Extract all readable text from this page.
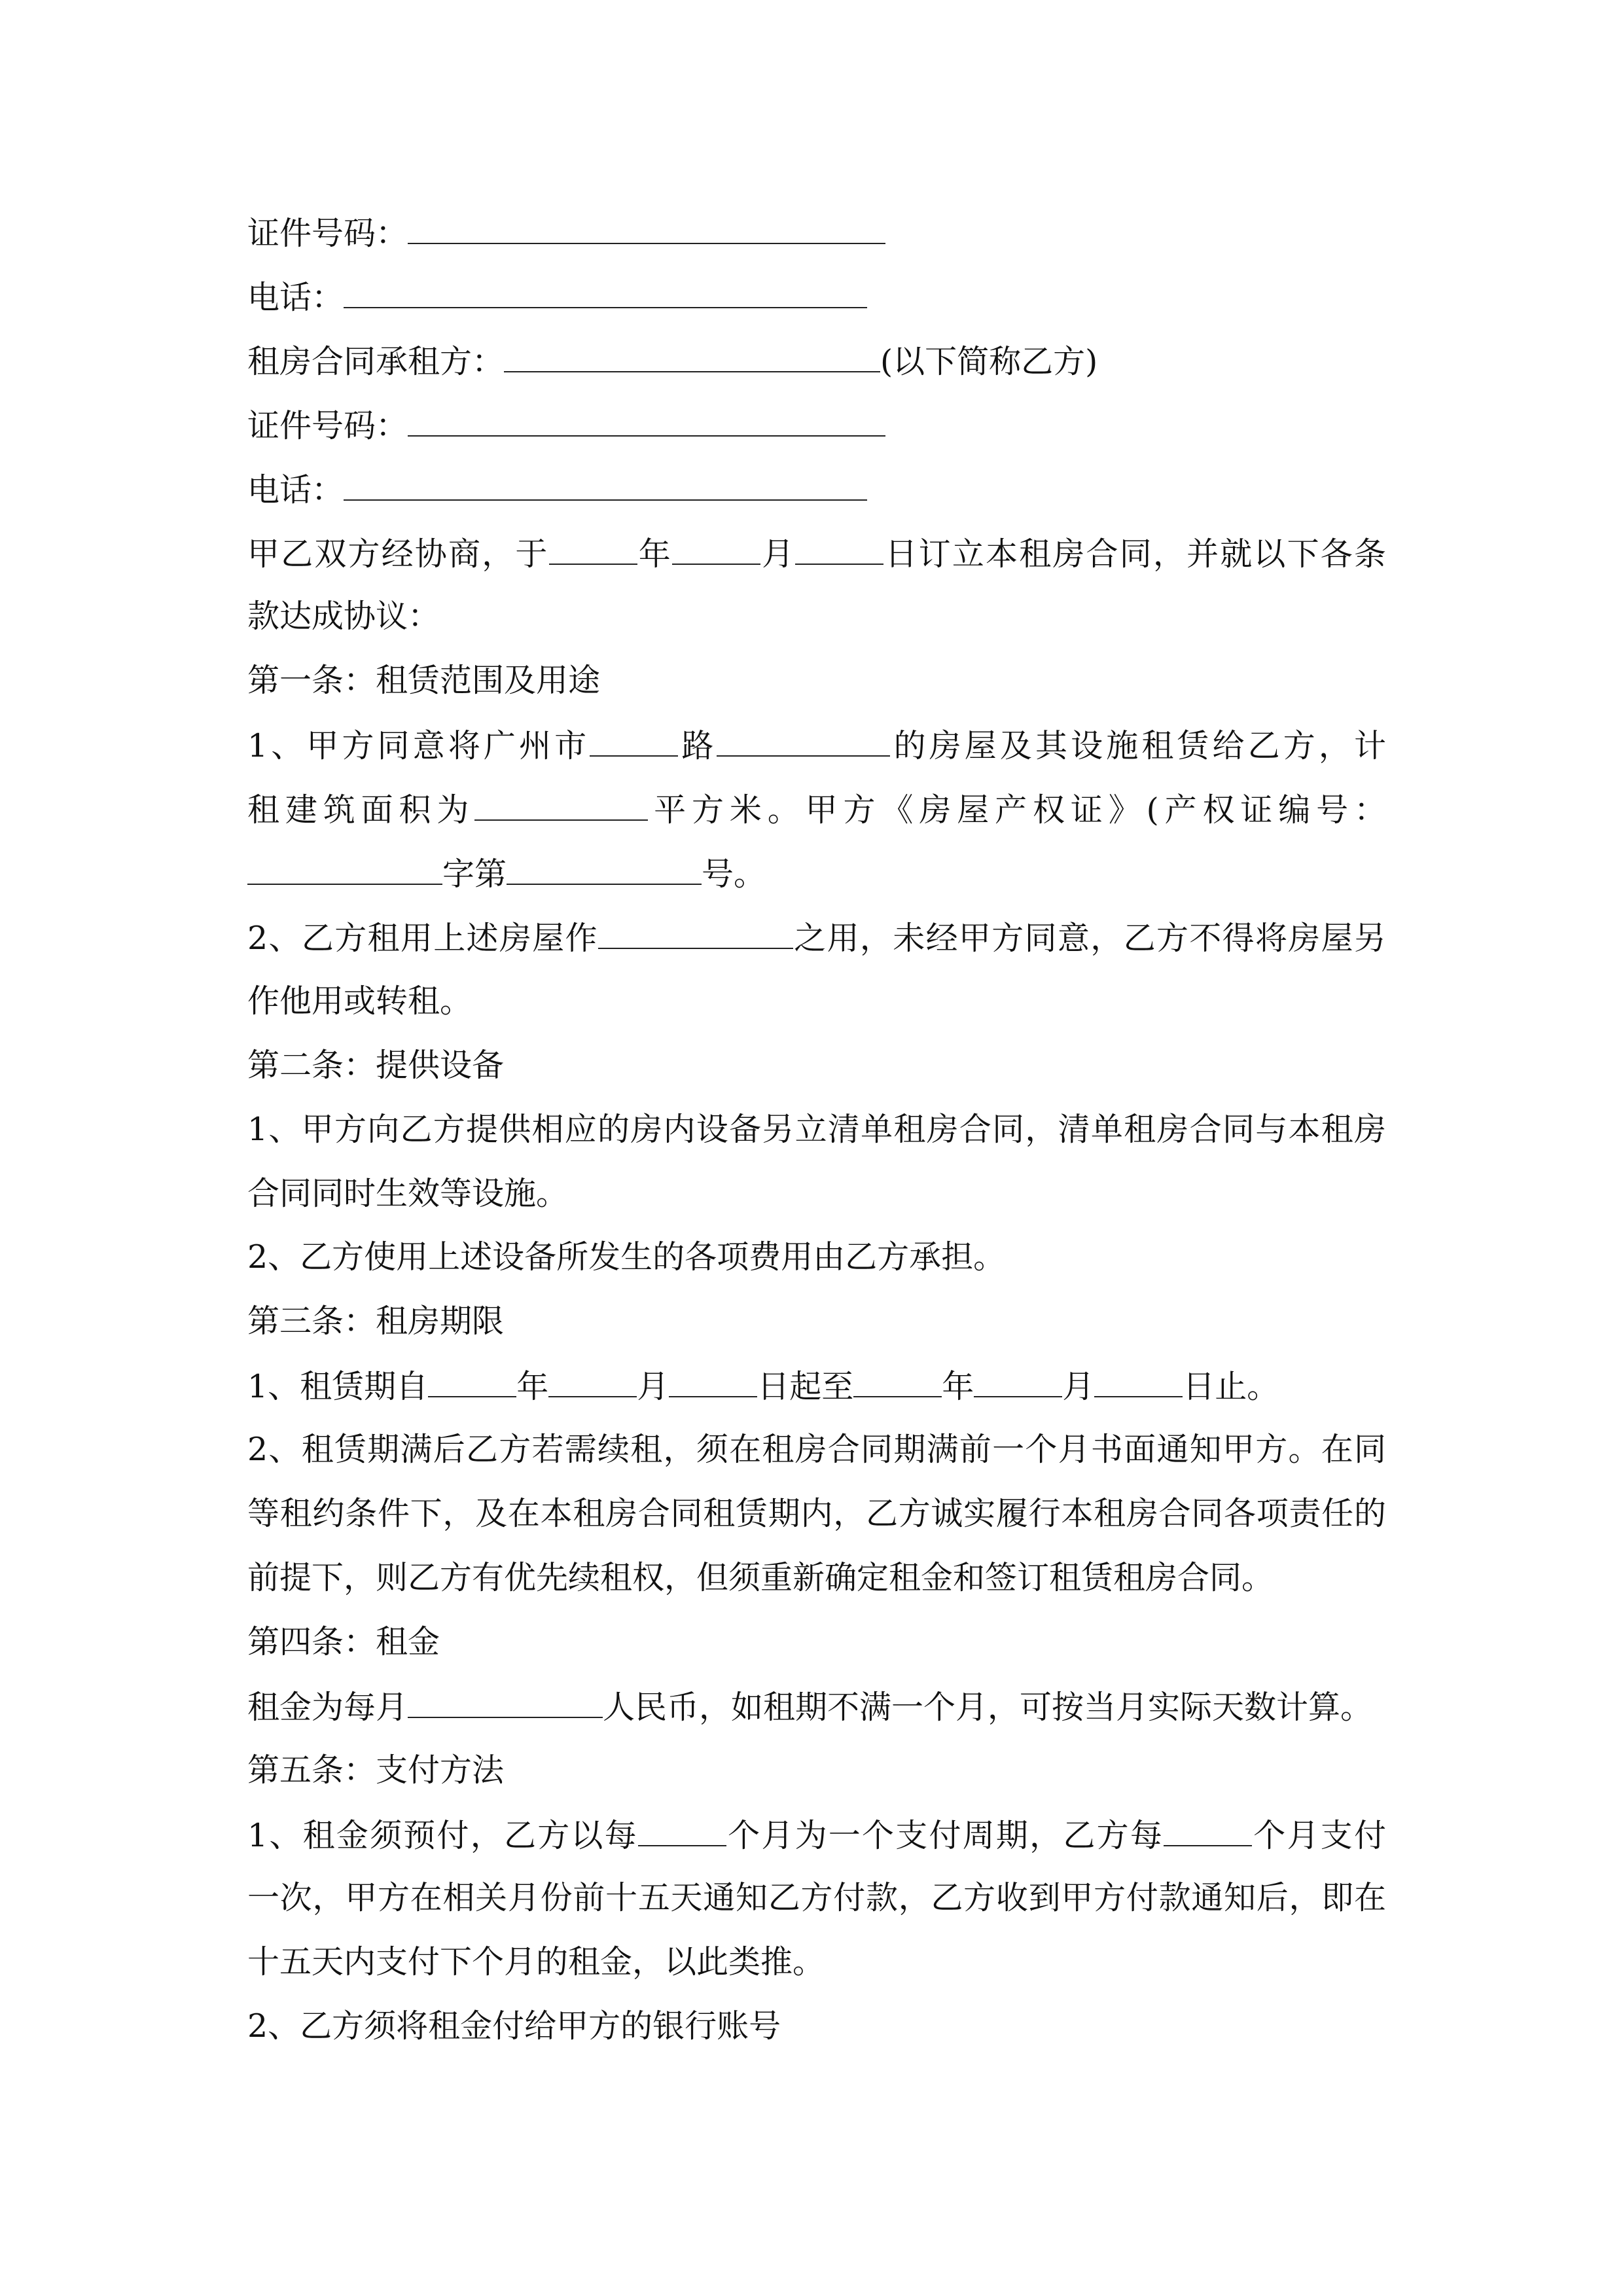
证件号码：
电话：
租房合同承租方：	(以下简称乙方)
证件号码：
电话：
甲乙双方经协商，于	年	月	日订立本租房合同，并就以下各条
款达成协议：
第一条：租赁范围及用途
1、甲方同意将广州市	路	的房屋及其设施租赁给乙方，计
租建筑面积为	平方米。甲方《房屋产权证》(产权证编号：
字第	号。
2、乙方租用上述房屋作	之用，未经甲方同意，乙方不得将房屋另
作他用或转租。
第二条：提供设备
1、甲方向乙方提供相应的房内设备另立清单租房合同，清单租房合同与本租房
合同同时生效等设施。
2、乙方使用上述设备所发生的各项费用由乙方承担。
第三条：租房期限
1、租赁期自	年	月	日起至	年	月	日止。
2、租赁期满后乙方若需续租，须在租房合同期满前一个月书面通知甲方。在同
等租约条件下，及在本租房合同租赁期内，乙方诚实履行本租房合同各项责任的
前提下，则乙方有优先续租权，但须重新确定租金和签订租赁租房合同。
第四条：租金
租金为每月	人民币，如租期不满一个月，可按当月实际天数计算。
第五条：支付方法
1、租金须预付，乙方以每	个月为一个支付周期，乙方每	个月支付
一次，甲方在相关月份前十五天通知乙方付款，乙方收到甲方付款通知后，即在
十五天内支付下个月的租金，以此类推。
2、乙方须将租金付给甲方的银行账号
